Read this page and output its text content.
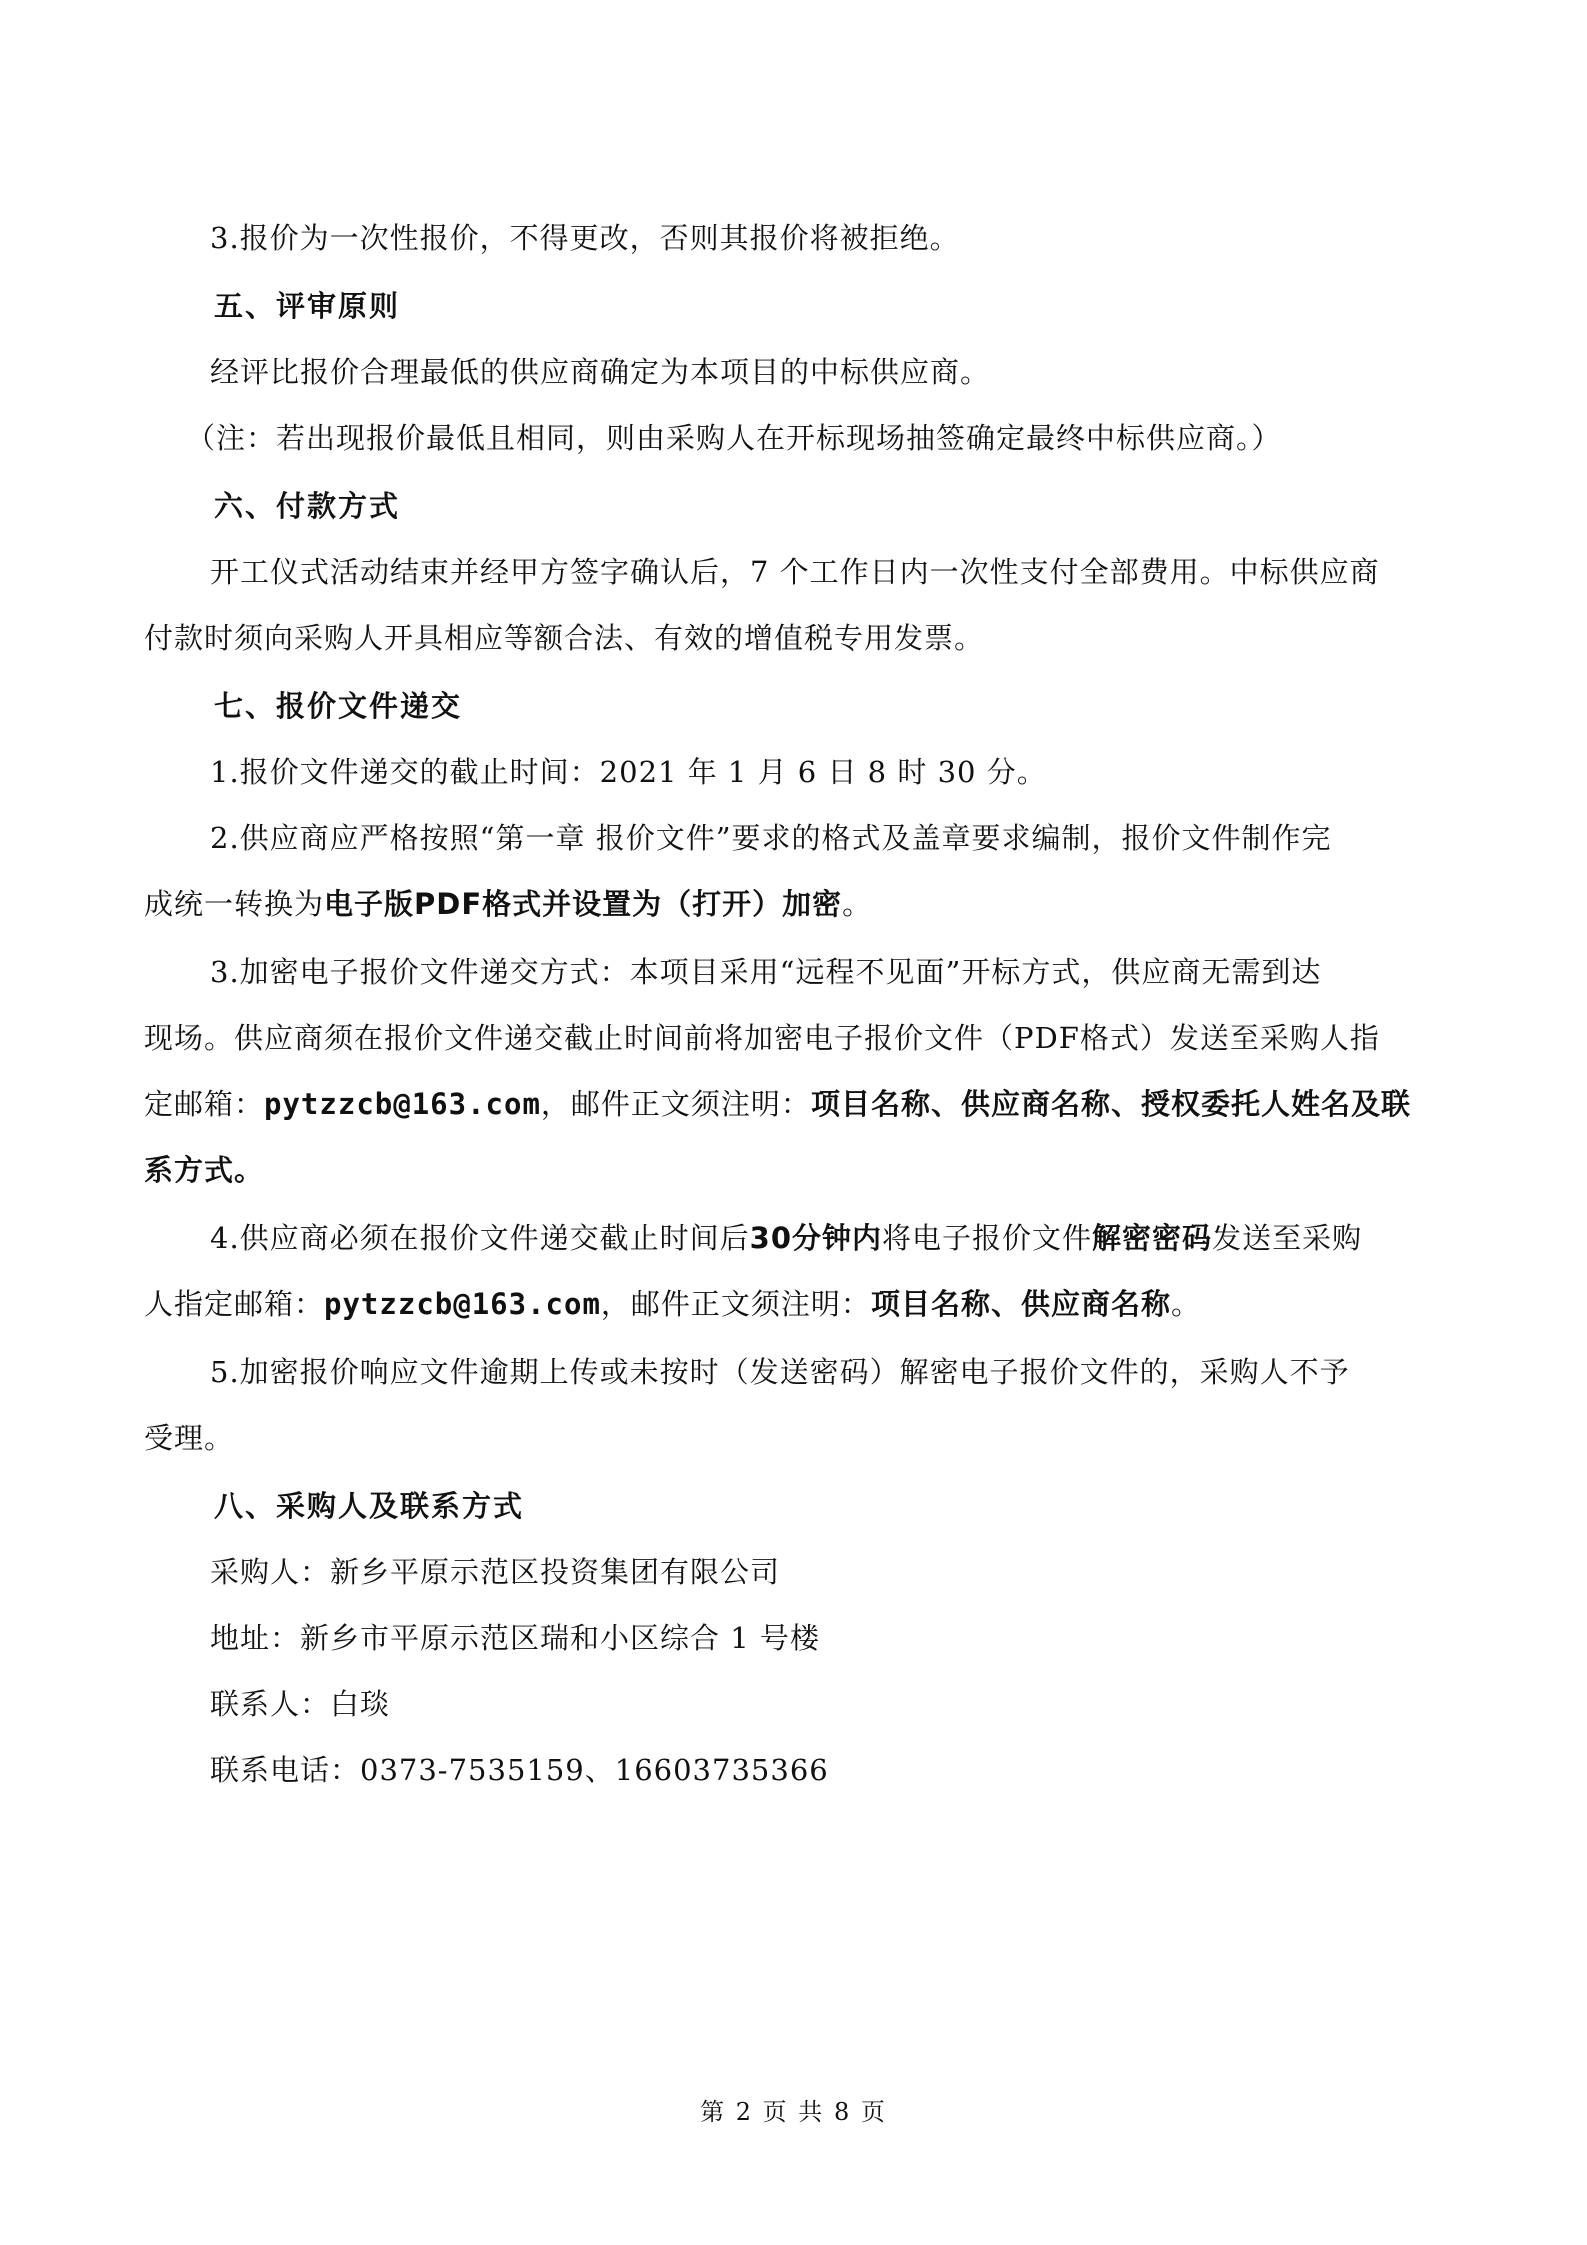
3.报价为一次性报价，不得更改，否则其报价将被拒绝。
五、评审原则
经评比报价合理最低的供应商确定为本项目的中标供应商。
（注：若出现报价最低且相同，则由采购人在开标现场抽签确定最终中标供应商。）
六、付款方式
开工仪式活动结束并经甲方签字确认后，7 个工作日内一次性支付全部费用。中标供应商
付款时须向采购人开具相应等额合法、有效的增值税专用发票。
七、报价文件递交
1.报价文件递交的截止时间：2021 年 1 月 6 日 8 时 30 分。
2.供应商应严格按照“第一章 报价文件”要求的格式及盖章要求编制，报价文件制作完
成统一转换为电子版PDF格式并设置为（打开）加密。
3.加密电子报价文件递交方式：本项目采用“远程不见面”开标方式，供应商无需到达
现场。供应商须在报价文件递交截止时间前将加密电子报价文件（PDF格式）发送至采购人指
定邮箱：pytzzcb@163.com，邮件正文须注明：项目名称、供应商名称、授权委托人姓名及联
系方式。
4.供应商必须在报价文件递交截止时间后30分钟内将电子报价文件解密密码发送至采购
人指定邮箱：pytzzcb@163.com，邮件正文须注明：项目名称、供应商名称。
5.加密报价响应文件逾期上传或未按时（发送密码）解密电子报价文件的，采购人不予
受理。
八、采购人及联系方式
采购人：新乡平原示范区投资集团有限公司
地址：新乡市平原示范区瑞和小区综合 1 号楼
联系人：白琰
联系电话：0373-7535159、16603735366
第 2 页 共 8 页
